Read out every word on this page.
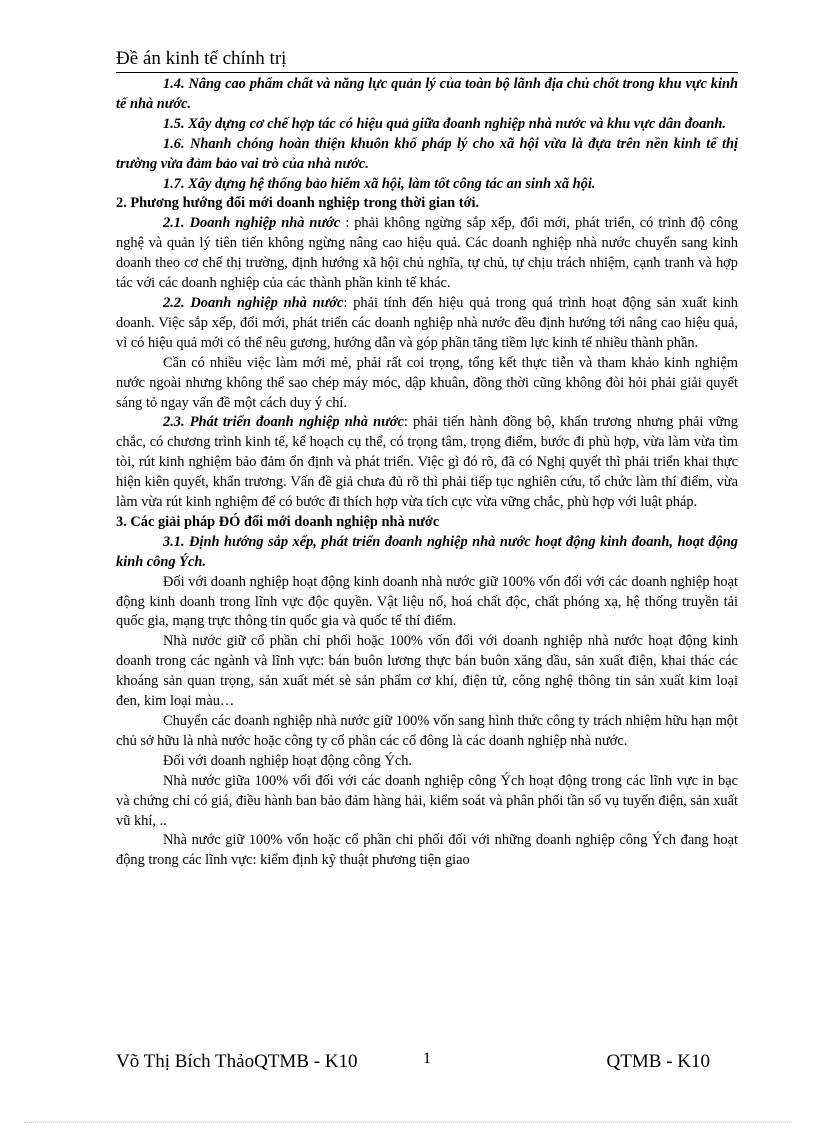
Đề án kinh tế chính trị

1.4. Nâng cao phẩm chất và năng lực quản lý của toàn bộ lãnh địa chủ chốt trong khu vực kinh tế nhà nước.

1.5. Xây dựng cơ chế hợp tác có hiệu quả giữa đoanh nghiệp nhà nước và khu vực dân đoanh.

1.6. Nhanh chóng hoàn thiện khuôn khổ pháp lý cho xã hội vừa là đựa trên nền kinh tế thị trường vừa đảm bảo vai trò của nhà nước.

1.7. Xây dựng hệ thống bảo hiểm xã hội, làm tốt công tác an sinh xã hội.

2. Phương hướng đổi mới doanh nghiệp trong thời gian tới.

2.1. Doanh nghiệp nhà nước : phải không ngừng sắp xếp, đổi mới, phát triển, có trình độ công nghệ và quản lý tiên tiến không ngừng nâng cao hiệu quả. Các doanh nghiệp nhà nước chuyển sang kinh doanh theo cơ chế thị trường, định hướng xã hội chủ nghĩa, tự chủ, tự chịu trách nhiệm, cạnh tranh và hợp tác với các doanh nghiệp của các thành phần kinh tế khác.

2.2. Doanh nghiệp nhà nước: phải tính đến hiệu quả trong quá trình hoạt động sản xuất kinh doanh. Việc sắp xếp, đổi mới, phát triển các doanh nghiệp nhà nước đều định hướng tới nâng cao hiệu quả, vì có hiệu quả mới có thể nêu gương, hướng dẫn và góp phần tăng tiềm lực kinh tế nhiều thành phần.

Cần có nhiều việc làm mới mẻ, phải rất coi trọng, tổng kết thực tiễn và tham khảo kinh nghiệm nước ngoài nhưng không thể sao chép máy móc, dập khuân, đồng thời cũng không đòi hỏi phải giải quyết sáng tỏ ngay vấn đề một cách duy ý chí.

2.3. Phát triển đoanh nghiệp nhà nước: phải tiến hành đồng bộ, khẩn trương nhưng phải vững chắc, có chương trình kinh tế, kế hoạch cụ thể, có trọng tâm, trọng điểm, bước đi phù hợp, vừa làm vừa tìm tòi, rút kinh nghiệm bảo đảm ổn định và phát triển. Việc gì đó rõ, đã có Nghị quyết thì phải triển khai thực hiện kiên quyết, khẩn trương. Vấn đề giả chưa đủ rõ thì phải tiếp tục nghiên cứu, tổ chức làm thí điểm, vừa làm vừa rút kinh nghiệm để có bước đi thích hợp vừa tích cực vừa vững chắc, phù hợp với luật pháp.

3. Các giải pháp ĐÓ đổi mới doanh nghiệp nhà nước

3.1. Định hướng sắp xếp, phát triển đoanh nghiệp nhà nước hoạt động kinh đoanh, hoạt động kinh công Ých.

Đối với doanh nghiệp hoạt động kinh doanh nhà nước giữ 100% vốn đối với các doanh nghiệp hoạt động kinh doanh trong lĩnh vực độc quyền. Vật liệu nổ, hoá chất độc, chất phóng xạ, hệ thống truyền tải quốc gia, mạng trực thông tin quốc gia và quốc tế thí điểm.

Nhà nước giữ cổ phần chỉ phối hoặc 100% vốn đối với doanh nghiệp nhà nước hoạt động kinh doanh trong các ngành và lĩnh vực: bán buôn lương thực bán buôn xăng dầu, sản xuất điện, khai thác các khoáng sản quan trọng, sản xuất mét sè sản phẩm cơ khí, điện tử, công nghệ thông tin sản xuất kim loại đen, kim loại màu…

Chuyển các doanh nghiệp nhà nước giữ 100% vốn sang hình thức công ty trách nhiệm hữu hạn một chủ sở hữu là nhà nước hoặc công ty cổ phần các cổ đông là các doanh nghiệp nhà nước.

Đối với doanh nghiệp hoạt động công Ých.

Nhà nước giữa 100% vối đối với các doanh nghiệp công Ých hoạt động trong các lĩnh vực in bạc và chứng chỉ có giá, điều hành ban bảo đảm hàng hải, kiểm soát và phân phối tần số vụ tuyến điện, sản xuất vũ khí, ..

Nhà nước giữ 100% vốn hoặc cổ phần chi phối đối với những doanh nghiệp công Ých đang hoạt động trong các lĩnh vực: kiểm định kỹ thuật phương tiện giao

Võ Thị Bích ThảoQTMB - K10	1	QTMB - K10
